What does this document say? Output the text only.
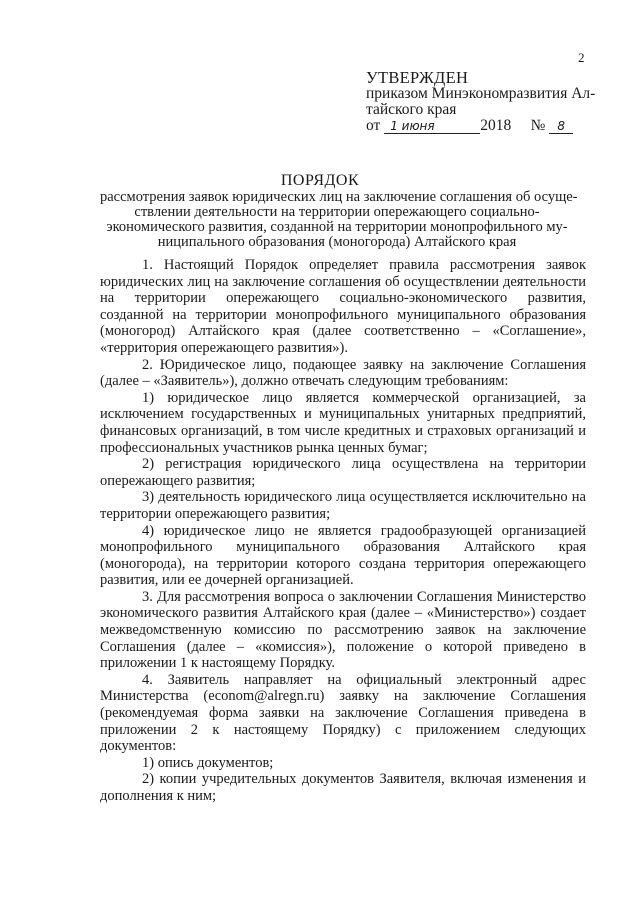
2
УТВЕРЖДЕН
приказом Минэкономразвития Ал-
тайского края
от 1 июня	2018 № 8
ПОРЯДОК
рассмотрения заявок юридических лиц на заключение соглашения об осуще-
ствлении деятельности на территории опережающего социально-
экономического развития, созданной на территории монопрофильного му-
ниципального образования (моногорода) Алтайского края

1. Настоящий Порядок определяет правила рассмотрения заявок юридических лиц на заключение соглашения об осуществлении деятельности на территории опережающего социально-экономического развития, созданной на территории монопрофильного муниципального образования (моногород) Алтайского края (далее соответственно – «Соглашение», «территория опережающего развития»).

2. Юридическое лицо, подающее заявку на заключение Соглашения (далее – «Заявитель»), должно отвечать следующим требованиям:

1) юридическое лицо является коммерческой организацией, за исключением государственных и муниципальных унитарных предприятий, финансовых организаций, в том числе кредитных и страховых организаций и профессиональных участников рынка ценных бумаг;

2) регистрация юридического лица осуществлена на территории опережающего развития;

3) деятельность юридического лица осуществляется исключительно на территории опережающего развития;

4) юридическое лицо не является градообразующей организацией монопрофильного муниципального образования Алтайского края (моногорода), на территории которого создана территория опережающего развития, или ее дочерней организацией.

3. Для рассмотрения вопроса о заключении Соглашения Министерство экономического развития Алтайского края (далее – «Министерство») создает межведомственную комиссию по рассмотрению заявок на заключение Соглашения (далее – «комиссия»), положение о которой приведено в приложении 1 к настоящему Порядку.

4. Заявитель направляет на официальный электронный адрес Министерства (econom@alregn.ru) заявку на заключение Соглашения (рекомендуемая форма заявки на заключение Соглашения приведена в приложении 2 к настоящему Порядку) с приложением следующих документов:

1) опись документов;

2) копии учредительных документов Заявителя, включая изменения и дополнения к ним;
